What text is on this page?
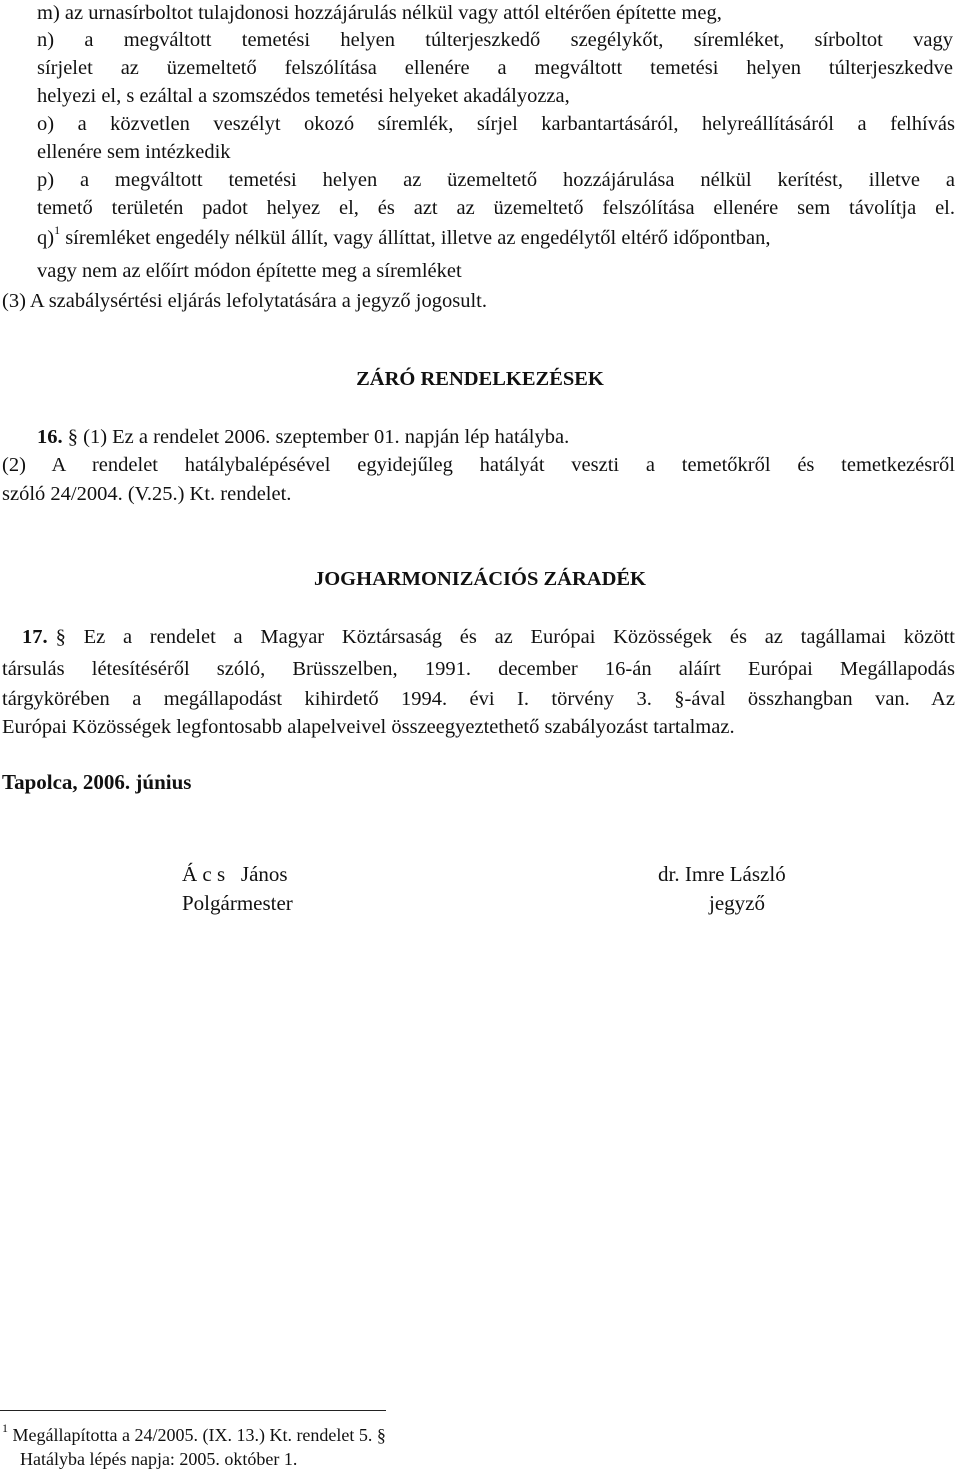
m) az urnasírboltot tulajdonosi hozzájárulás nélkül vagy attól eltérően építette meg,
n) a megváltott temetési helyen túlterjeszkedő szegélykőt, síremléket, sírboltot vagy
sírjelet az üzemeltető felszólítása ellenére a megváltott temetési helyen túlterjeszkedve
helyezi el, s ezáltal a szomszédos temetési helyeket akadályozza,
o) a közvetlen veszélyt okozó síremlék, sírjel karbantartásáról, helyreállításáról a felhívás
ellenére sem intézkedik
p) a megváltott temetési helyen az üzemeltető hozzájárulása nélkül kerítést, illetve a
temető területén padot helyez el, és azt az üzemeltető felszólítása ellenére sem távolítja el.
q)$^1$ síremléket engedély nélkül állít, vagy állíttat, illetve az engedélytől eltérő időpontban,
vagy nem az előírt módon építette meg a síremléket
(3) A szabálysértési eljárás lefolytatására a jegyző jogosult.
ZÁRÓ RENDELKEZÉSEK
16. § (1) Ez a rendelet 2006. szeptember 01. napján lép hatályba.
(2) A rendelet hatálybalépésével egyidejűleg hatályát veszti a temetőkről és temetkezésről
szóló 24/2004. (V.25.) Kt. rendelet.
JOGHARMONIZÁCIÓS ZÁRADÉK
17. § Ez a rendelet a Magyar Köztársaság és az Európai Közösségek és az tagállamai között
társulás létesítéséről szóló, Brüsszelben, 1991. december 16-án aláírt Európai Megállapodás
tárgykörében a megállapodást kihirdető 1994. évi I. törvény 3. §-ával összhangban van. Az
Európai Közösségek legfontosabb alapelveivel összeegyeztethető szabályozást tartalmaz.
Tapolca, 2006. június
Á c s   János
Polgármester
dr. Imre László
jegyző
$^1$ Megállapította a 24/2005. (IX. 13.) Kt. rendelet 5. §
Hatályba lépés napja: 2005. október 1.
